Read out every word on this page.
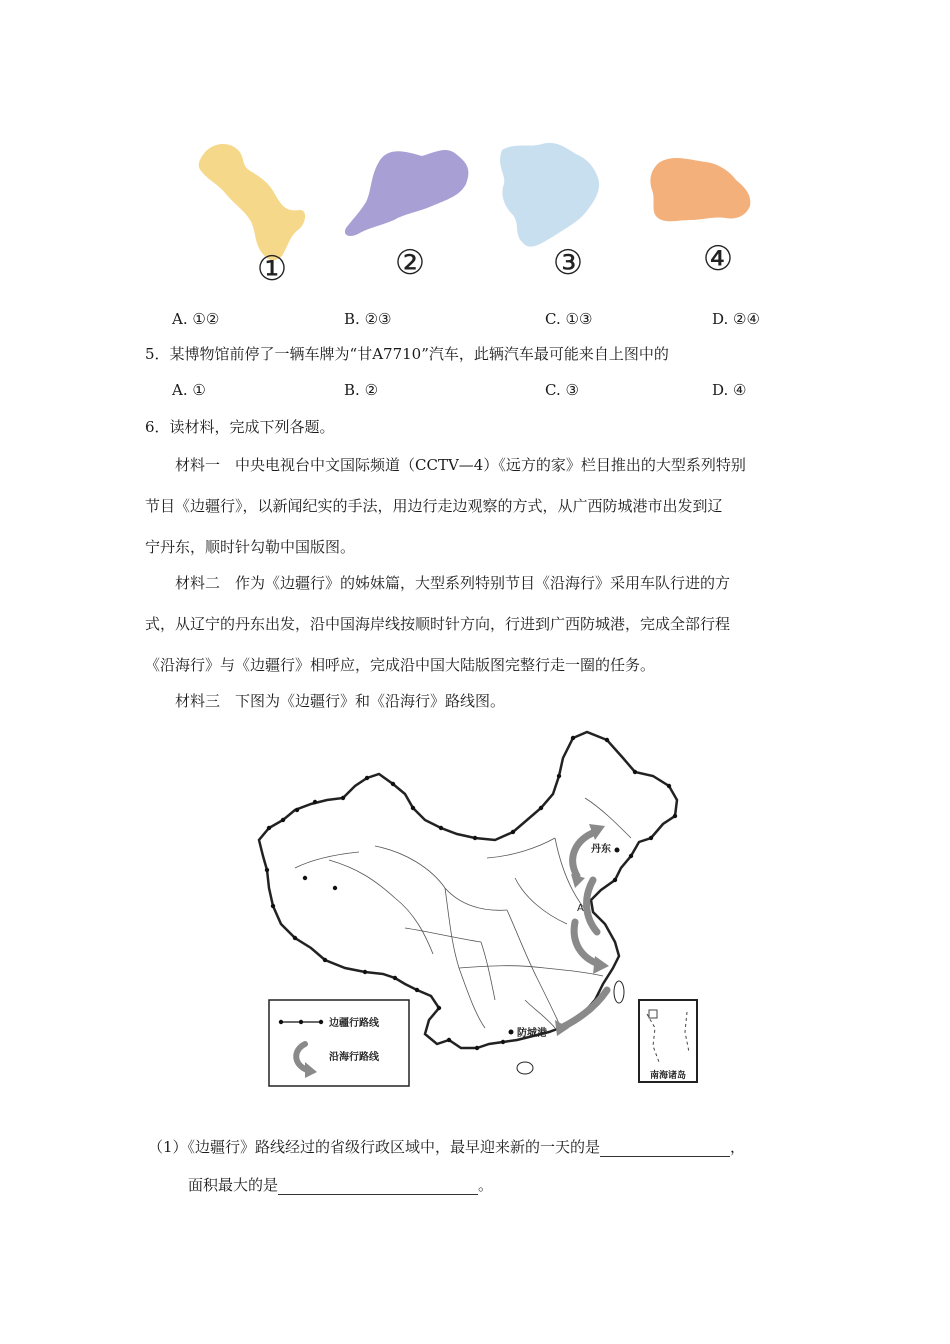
①	②	③	④
A. ①②	B. ②③	C. ①③	D. ②④
5．某博物馆前停了一辆车牌为“甘A7710”汽车，此辆汽车最可能来自上图中的
A. ①	B. ②	C. ③	D. ④
6．读材料，完成下列各题。
材料一　中央电视台中文国际频道（CCTV—4）《远方的家》栏目推出的大型系列特别
节目《边疆行》，以新闻纪实的手法，用边行走边观察的方式，从广西防城港市出发到辽
宁丹东，顺时针勾勒中国版图。
材料二　作为《边疆行》的姊妹篇，大型系列特别节目《沿海行》采用车队行进的方
式，从辽宁的丹东出发，沿中国海岸线按顺时针方向，行进到广西防城港，完成全部行程
《沿海行》与《边疆行》相呼应，完成沿中国大陆版图完整行走一圈的任务。
材料三　下图为《边疆行》和《沿海行》路线图。
丹东
A
防城港
南海诸岛
边疆行路线
沿海行路线
（1）《边疆行》路线经过的省级行政区域中，最早迎来新的一天的是	，
面积最大的是	。
